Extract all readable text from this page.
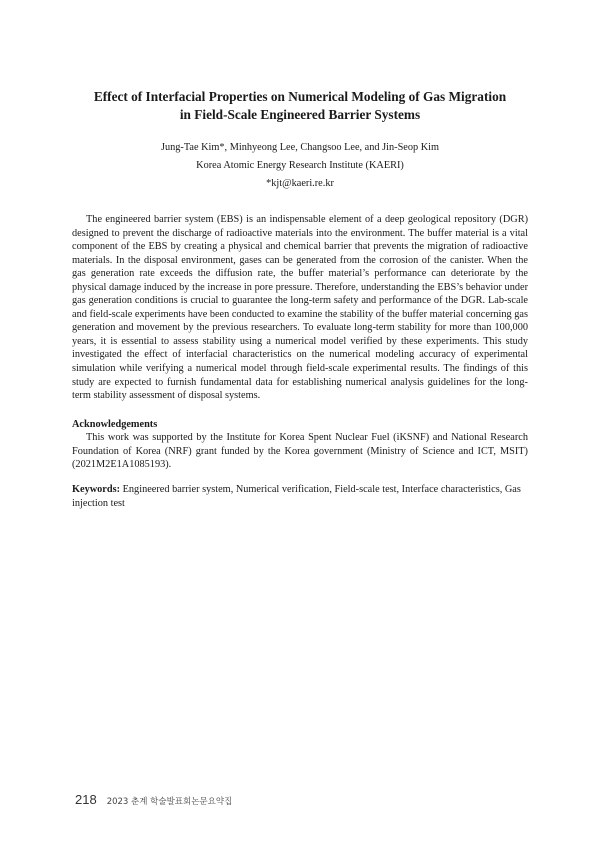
Effect of Interfacial Properties on Numerical Modeling of Gas Migration
in Field-Scale Engineered Barrier Systems

Jung-Tae Kim*, Minhyeong Lee, Changsoo Lee, and Jin-Seop Kim

Korea Atomic Energy Research Institute (KAERI)

*kjt@kaeri.re.kr

The engineered barrier system (EBS) is an indispensable element of a deep geological repository (DGR) designed to prevent the discharge of radioactive materials into the environment. The buffer material is a vital component of the EBS by creating a physical and chemical barrier that prevents the migration of radioactive materials. In the disposal environment, gases can be generated from the corrosion of the canister. When the gas generation rate exceeds the diffusion rate, the buffer material’s performance can deteriorate by the physical damage induced by the increase in pore pressure. Therefore, understanding the EBS’s behavior under gas generation conditions is crucial to guarantee the long-term safety and performance of the DGR. Lab-scale and field-scale experiments have been conducted to examine the stability of the buffer material concerning gas generation and movement by the previous researchers. To evaluate long-term stability for more than 100,000 years, it is essential to assess stability using a numerical model verified by these experiments. This study investigated the effect of interfacial characteristics on the numerical modeling accuracy of experimental simulation while verifying a numerical model through field-scale experimental results. The findings of this study are expected to furnish fundamental data for establishing numerical analysis guidelines for the long-term stability assessment of disposal systems.

Acknowledgements

This work was supported by the Institute for Korea Spent Nuclear Fuel (iKSNF) and National Research Foundation of Korea (NRF) grant funded by the Korea government (Ministry of Science and ICT, MSIT) (2021M2E1A1085193).

Keywords: Engineered barrier system, Numerical verification, Field-scale test, Interface characteristics, Gas injection test

218 2023 춘계 학술발표회논문요약집
